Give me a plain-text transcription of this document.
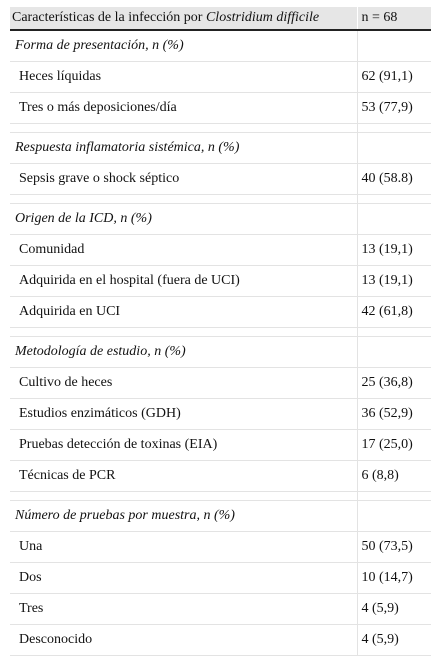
Características de la infección por Clostridium difficile	n = 68
Forma de presentación, n (%)	
Heces líquidas	62 (91,1)
Tres o más deposiciones/día	53 (77,9)

Respuesta inflamatoria sistémica, n (%)	
Sepsis grave o shock séptico	40 (58.8)

Origen de la ICD, n (%)	
Comunidad	13 (19,1)
Adquirida en el hospital (fuera de UCI)	13 (19,1)
Adquirida en UCI	42 (61,8)

Metodología de estudio, n (%)	
Cultivo de heces	25 (36,8)
Estudios enzimáticos (GDH)	36 (52,9)
Pruebas detección de toxinas (EIA)	17 (25,0)
Técnicas de PCR	6 (8,8)

Número de pruebas por muestra, n (%)	
Una	50 (73,5)
Dos	10 (14,7)
Tres	4 (5,9)
Desconocido	4 (5,9)
